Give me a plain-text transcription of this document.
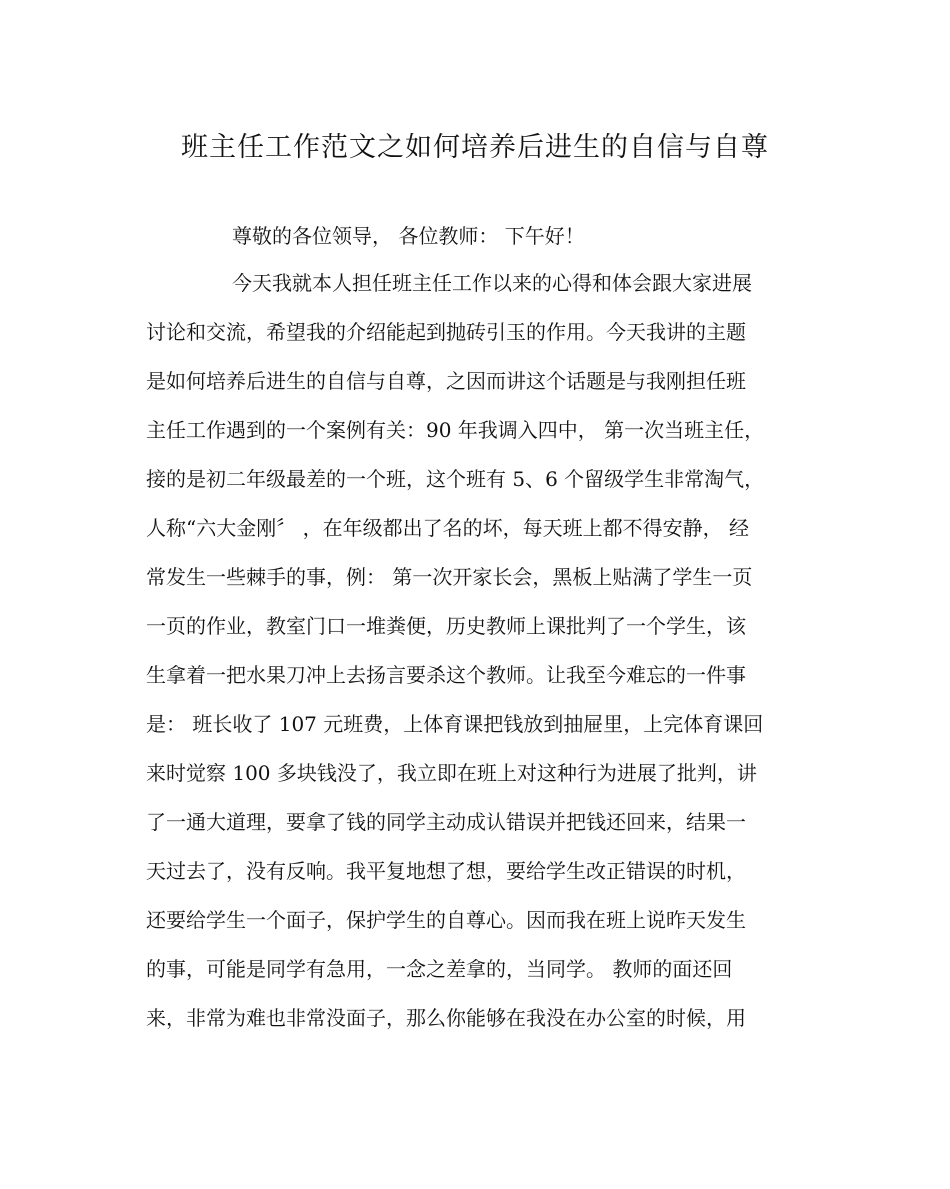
班主任工作范文之如何培养后进生的自信与自尊

尊敬的各位领导， 各位教师： 下午好！

今天我就本人担任班主任工作以来的心得和体会跟大家进展

讨论和交流，希望我的介绍能起到抛砖引玉的作用。今天我讲的主题

是如何培养后进生的自信与自尊，之因而讲这个话题是与我刚担任班

主任工作遇到的一个案例有关：90 年我调入四中， 第一次当班主任，

接的是初二年级最差的一个班，这个班有 5、6 个留级学生非常淘气，

人称“六大金刚〞 ，在年级都出了名的坏，每天班上都不得安静， 经

常发生一些棘手的事，例： 第一次开家长会，黑板上贴满了学生一页

一页的作业，教室门口一堆粪便，历史教师上课批判了一个学生，该

生拿着一把水果刀冲上去扬言要杀这个教师。让我至今难忘的一件事

是： 班长收了 107 元班费，上体育课把钱放到抽屉里，上完体育课回

来时觉察 100 多块钱没了，我立即在班上对这种行为进展了批判，讲

了一通大道理，要拿了钱的同学主动成认错误并把钱还回来，结果一

天过去了，没有反响。我平复地想了想，要给学生改正错误的时机，

还要给学生一个面子，保护学生的自尊心。因而我在班上说昨天发生

的事，可能是同学有急用，一念之差拿的，当同学。 教师的面还回

来，非常为难也非常没面子，那么你能够在我没在办公室的时候，用
